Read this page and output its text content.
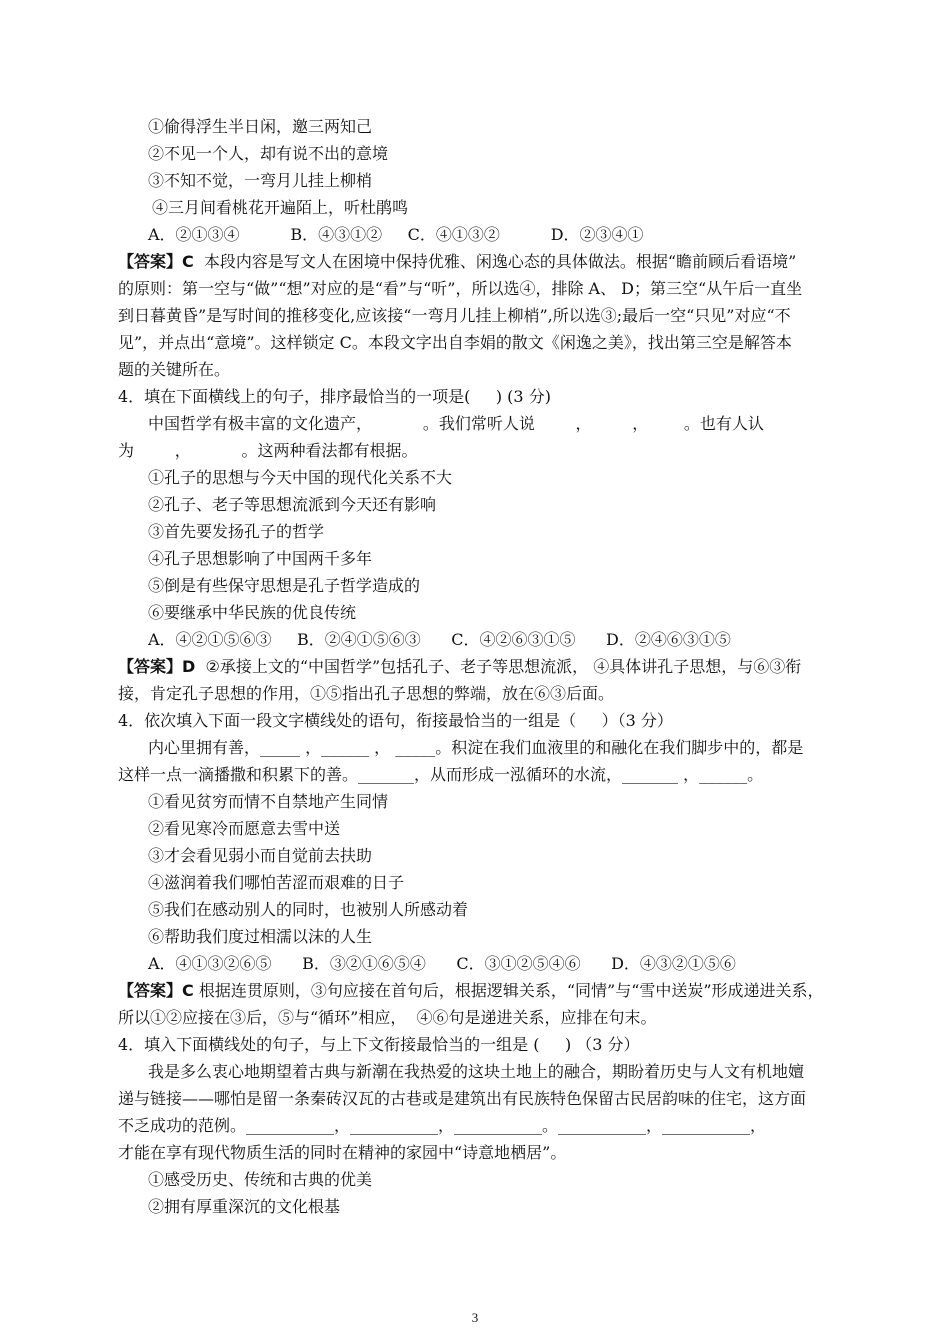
①偷得浮生半日闲，邀三两知己
②不见一个人，却有说不出的意境
③不知不觉，一弯月儿挂上柳梢
④三月间看桃花开遍陌上，听杜鹃鸣
A．②①③④          B．④③①②     C．④①③②          D．②③④①
【答案】C  本段内容是写文人在困境中保持优雅、闲逸心态的具体做法。根据“瞻前顾后看语境”
的原则：第一空与“做”“想”对应的是“看”与“听”，所以选④，排除 A、 D；第三空“从午后一直坐
到日暮黄昏”是写时间的推移变化,应该接“一弯月儿挂上柳梢”,所以选③;最后一空“只见”对应“不
见”，并点出“意境”。这样锁定 C。本段文字出自李娟的散文《闲逸之美》，找出第三空是解答本
题的关键所在。
4．填在下面横线上的句子，排序最恰当的一项是(     ) (3 分)
中国哲学有极丰富的文化遗产，          。我们常听人说        ，        ，       。也有人认
为        ，          。这两种看法都有根据。
①孔子的思想与今天中国的现代化关系不大
②孔子、老子等思想流派到今天还有影响
③首先要发扬孔子的哲学
④孔子思想影响了中国两千多年
⑤倒是有些保守思想是孔子哲学造成的
⑥要继承中华民族的优良传统
A．④②①⑤⑥③     B．②④①⑤⑥③      C．④②⑥③①⑤      D．②④⑥③①⑤
【答案】D  ②承接上文的“中国哲学”包括孔子、老子等思想流派， ④具体讲孔子思想，与⑥③衔
接，肯定孔子思想的作用，①⑤指出孔子思想的弊端，放在⑥③后面。
4．依次填入下面一段文字横线处的语句，衔接最恰当的一组是（     ）（3 分）
内心里拥有善，_____ ，______ ， _____。积淀在我们血液里的和融化在我们脚步中的，都是
这样一点一滴播撒和积累下的善。_______，从而形成一泓循环的水流，_______ ，______。
①看见贫穷而情不自禁地产生同情
②看见寒冷而愿意去雪中送
③才会看见弱小而自觉前去扶助
④滋润着我们哪怕苦涩而艰难的日子
⑤我们在感动别人的同时，也被别人所感动着
⑥帮助我们度过相濡以沫的人生
A．④①③②⑥⑤      B．③②①⑥⑤④      C．③①②⑤④⑥      D．④③②①⑤⑥
【答案】C 根据连贯原则，③句应接在首句后，根据逻辑关系，“同情”与“雪中送炭”形成递进关系，
所以①②应接在③后，⑤与“循环”相应，  ④⑥句是递进关系，应排在句末。
4．填入下面横线处的句子，与上下文衔接最恰当的一组是 (     ) （3 分）
我是多么衷心地期望着古典与新潮在我热爱的这块土地上的融合，期盼着历史与人文有机地嬗
递与链接——哪怕是留一条秦砖汉瓦的古巷或是建筑出有民族特色保留古民居韵味的住宅，这方面
不乏成功的范例。___________，___________，___________。___________，___________，
才能在享有现代物质生活的同时在精神的家园中“诗意地栖居”。
①感受历史、传统和古典的优美
②拥有厚重深沉的文化根基
3
